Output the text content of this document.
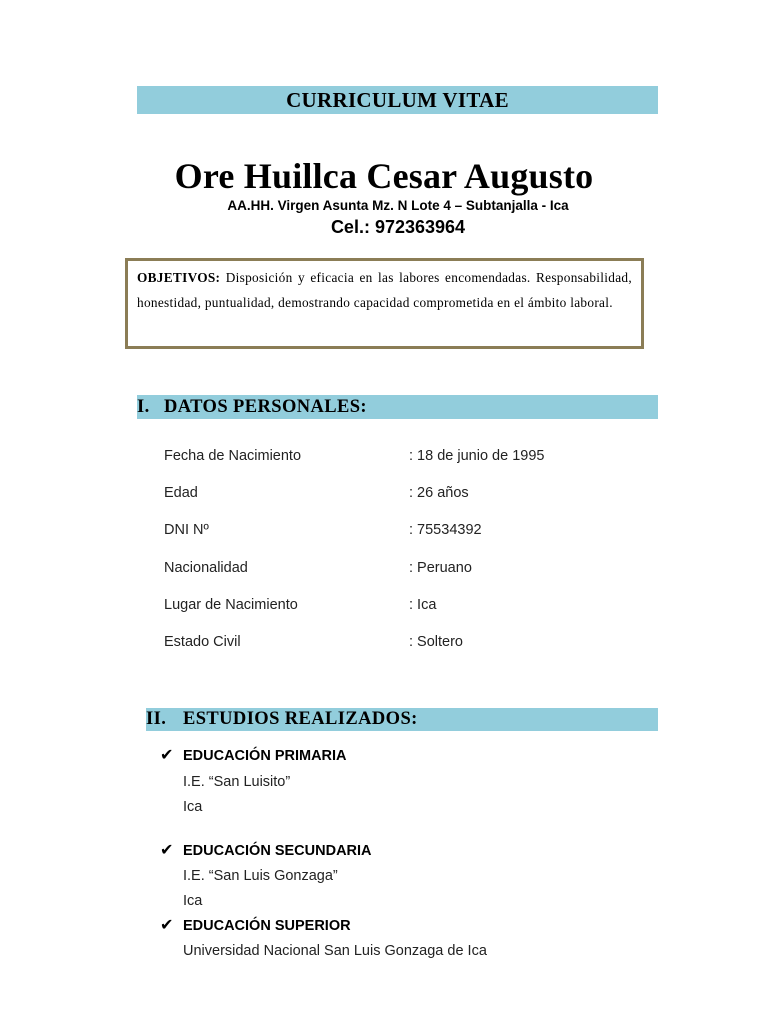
CURRICULUM VITAE
Ore Huillca Cesar Augusto
AA.HH. Virgen Asunta Mz. N Lote 4 – Subtanjalla - Ica
Cel.: 972363964
OBJETIVOS: Disposición y eficacia en las labores encomendadas. Responsabilidad, honestidad, puntualidad, demostrando capacidad comprometida en el ámbito laboral.
I. DATOS PERSONALES:
Fecha de Nacimiento	: 18 de junio de 1995
Edad	: 26 años
DNI Nº	: 75534392
Nacionalidad	: Peruano
Lugar de Nacimiento	: Ica
Estado Civil	: Soltero
II. ESTUDIOS REALIZADOS:
✔ EDUCACIÓN PRIMARIA
I.E. “San Luisito”
Ica
✔ EDUCACIÓN SECUNDARIA
I.E. “San Luis Gonzaga”
Ica
✔ EDUCACIÓN SUPERIOR
Universidad Nacional San Luis Gonzaga de Ica
